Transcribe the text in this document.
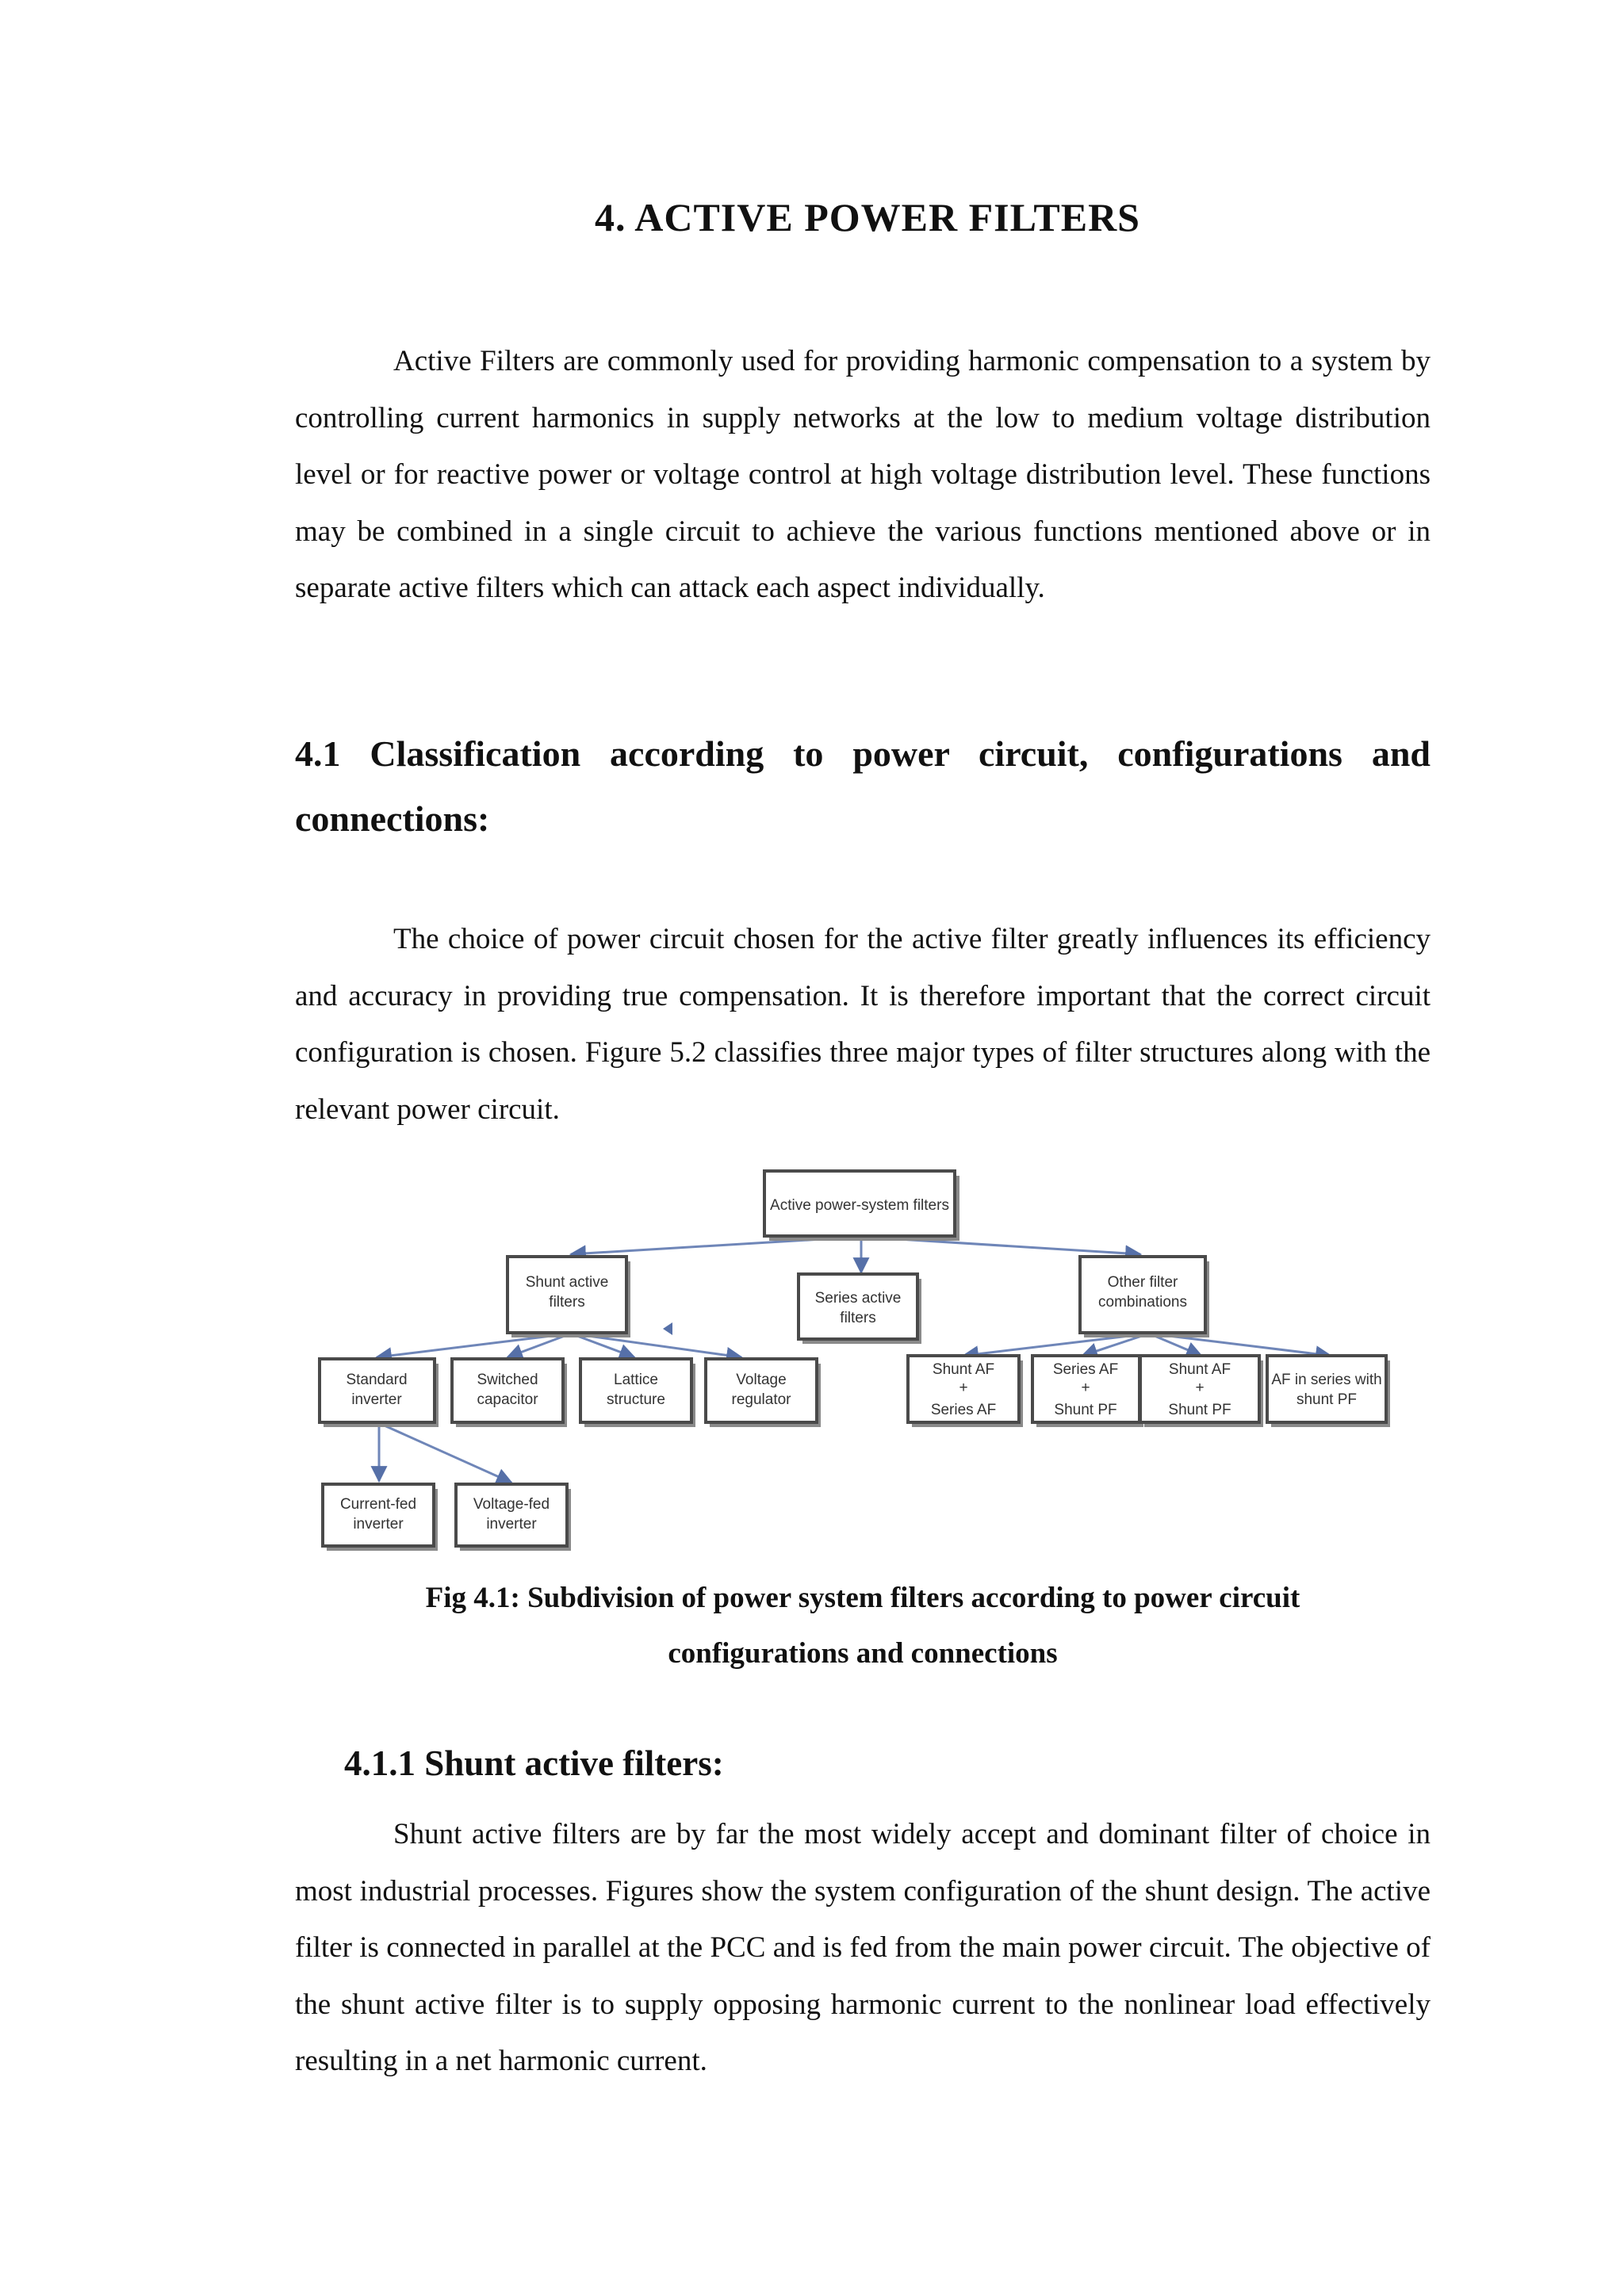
4. ACTIVE POWER FILTERS

Active Filters are commonly used for providing harmonic compensation to a system by controlling current harmonics in supply networks at the low to medium voltage distribution level or for reactive power or voltage control at high voltage distribution level. These functions may be combined in a single circuit to achieve the various functions mentioned above or in separate active filters which can attack each aspect individually.

4.1 Classification according to power circuit, configurations and connections:

The choice of power circuit chosen for the active filter greatly influences its efficiency and accuracy in providing true compensation. It is therefore important that the correct circuit configuration is chosen. Figure 5.2 classifies three major types of filter structures along with the relevant power circuit.

Active power-system filters
Shunt active
filters	Series active
filters
Other filter
combinations
Standard
inverter
Switched
capacitor
Lattice
structure
Voltage
regulator
Shunt AF
+
Series AF
Series AF
+
Shunt PF
Shunt AF
+
Shunt PF
AF in series with
shunt PF
Current-fed
inverter
Voltage-fed
inverter

Fig 4.1: Subdivision of power system filters according to power circuit
configurations and connections

4.1.1 Shunt active filters:

Shunt active filters are by far the most widely accept and dominant filter of choice in most industrial processes. Figures show the system configuration of the shunt design. The active filter is connected in parallel at the PCC and is fed from the main power circuit. The objective of the shunt active filter is to supply opposing harmonic current to the nonlinear load effectively resulting in a net harmonic current.
